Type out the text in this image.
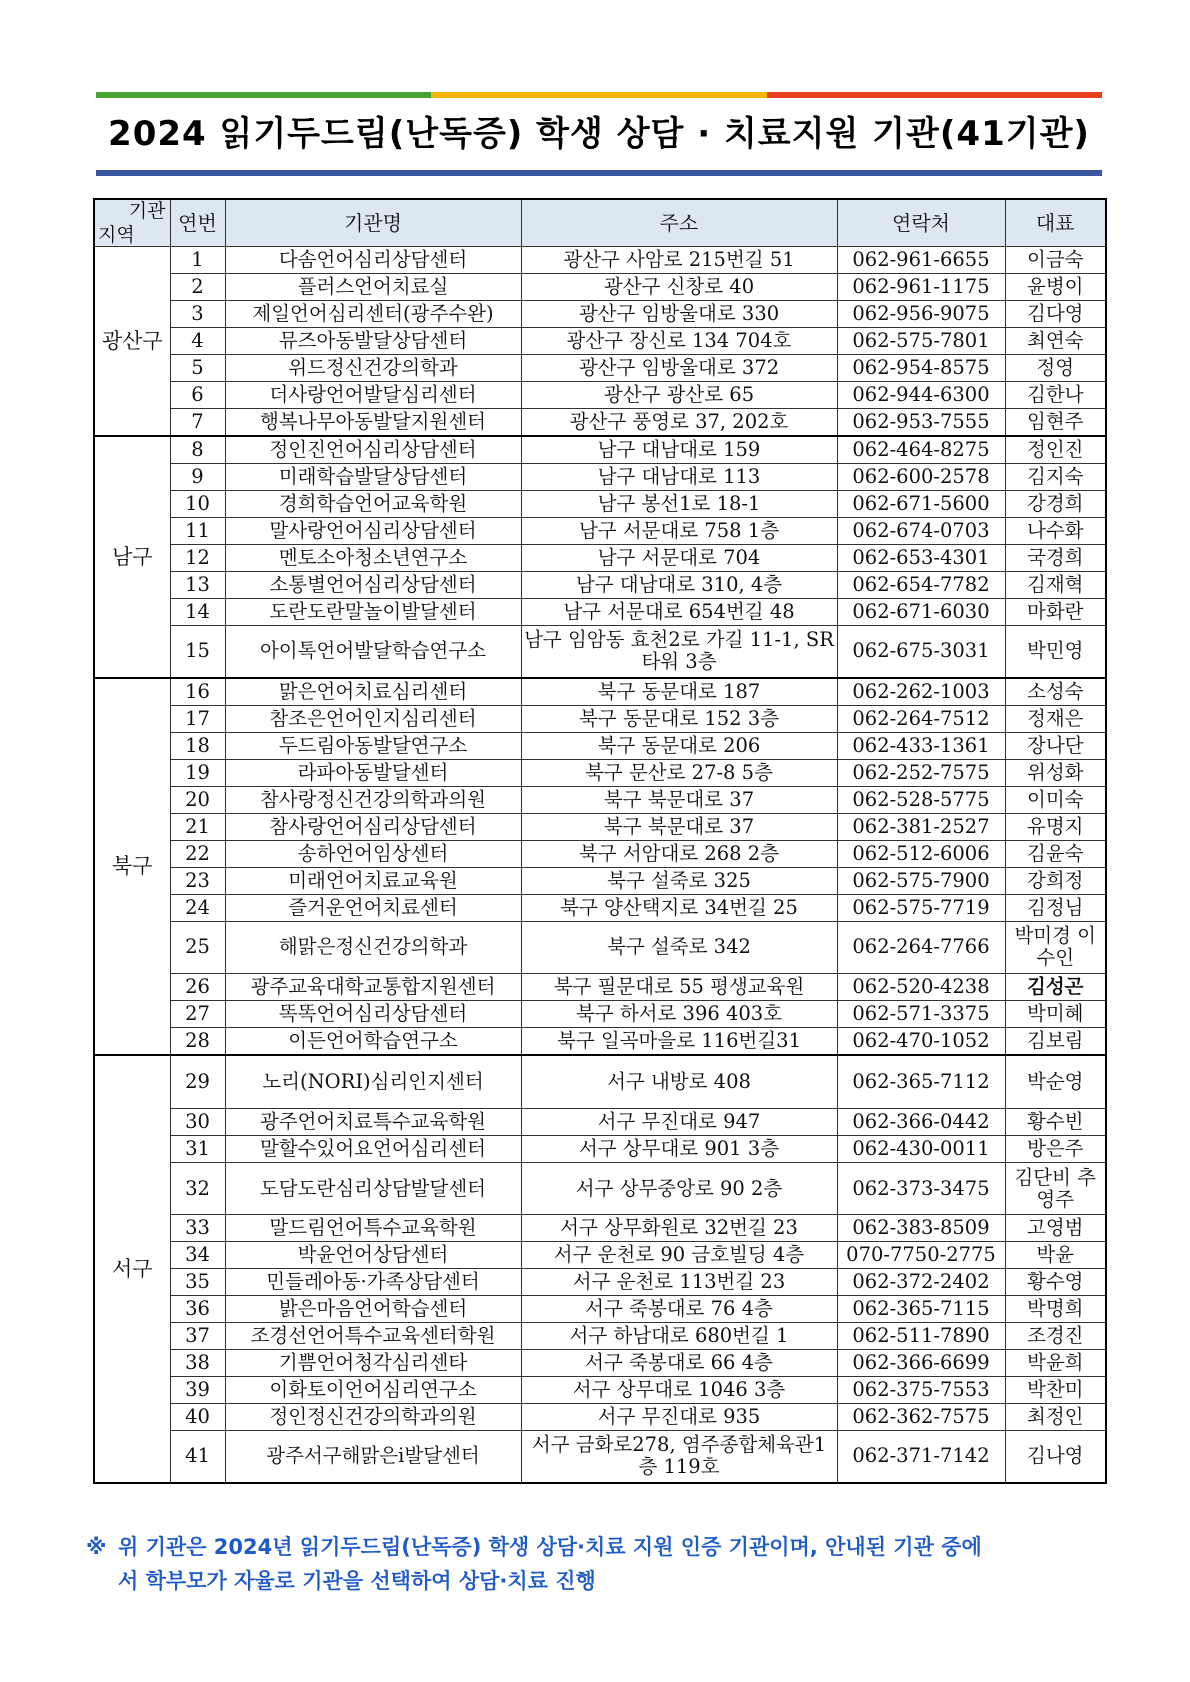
2024 읽기두드림(난독증) 학생 상담 · 치료지원 기관(41기관)
기관
지역	연번	기관명	주소	연락처	대표
광산구	1	다솜언어심리상담센터	광산구 사암로 215번길 51	062-961-6655	이금숙
	2	플러스언어치료실	광산구 신창로 40	062-961-1175	윤병이
	3	제일언어심리센터(광주수완)	광산구 임방울대로 330	062-956-9075	김다영
	4	뮤즈아동발달상담센터	광산구 장신로 134 704호	062-575-7801	최연숙
	5	위드정신건강의학과	광산구 임방울대로 372	062-954-8575	정영
	6	더사랑언어발달심리센터	광산구 광산로 65	062-944-6300	김한나
	7	행복나무아동발달지원센터	광산구 풍영로 37, 202호	062-953-7555	임현주
남구	8	정인진언어심리상담센터	남구 대남대로 159	062-464-8275	정인진
	9	미래학습발달상담센터	남구 대남대로 113	062-600-2578	김지숙
	10	경희학습언어교육학원	남구 봉선1로 18-1	062-671-5600	강경희
	11	말사랑언어심리상담센터	남구 서문대로 758 1층	062-674-0703	나수화
	12	멘토소아청소년연구소	남구 서문대로 704	062-653-4301	국경희
	13	소통별언어심리상담센터	남구 대남대로 310, 4층	062-654-7782	김재혁
	14	도란도란말놀이발달센터	남구 서문대로 654번길 48	062-671-6030	마화란
	15	아이톡언어발달학습연구소	남구 임암동 효천2로 가길 11-1, SR타워 3층	062-675-3031	박민영
북구	16	맑은언어치료심리센터	북구 동문대로 187	062-262-1003	소성숙
	17	참조은언어인지심리센터	북구 동문대로 152 3층	062-264-7512	정재은
	18	두드림아동발달연구소	북구 동문대로 206	062-433-1361	장나단
	19	라파아동발달센터	북구 문산로 27-8 5층	062-252-7575	위성화
	20	참사랑정신건강의학과의원	북구 북문대로 37	062-528-5775	이미숙
	21	참사랑언어심리상담센터	북구 북문대로 37	062-381-2527	유명지
	22	송하언어임상센터	북구 서암대로 268 2층	062-512-6006	김윤숙
	23	미래언어치료교육원	북구 설죽로 325	062-575-7900	강희정
	24	즐거운언어치료센터	북구 양산택지로 34번길 25	062-575-7719	김정님
	25	해맑은정신건강의학과	북구 설죽로 342	062-264-7766	박미경 이수인
	26	광주교육대학교통합지원센터	북구 필문대로 55 평생교육원	062-520-4238	김성곤
	27	똑똑언어심리상담센터	북구 하서로 396 403호	062-571-3375	박미혜
	28	이든언어학습연구소	북구 일곡마을로 116번길31	062-470-1052	김보림
서구	29	노리(NORI)심리인지센터	서구 내방로 408	062-365-7112	박순영
	30	광주언어치료특수교육학원	서구 무진대로 947	062-366-0442	황수빈
	31	말할수있어요언어심리센터	서구 상무대로 901 3층	062-430-0011	방은주
	32	도담도란심리상담발달센터	서구 상무중앙로 90 2층	062-373-3475	김단비 추영주
	33	말드림언어특수교육학원	서구 상무화원로 32번길 23	062-383-8509	고영범
	34	박윤언어상담센터	서구 운천로 90 금호빌딩 4층	070-7750-2775	박윤
	35	민들레아동·가족상담센터	서구 운천로 113번길 23	062-372-2402	황수영
	36	밝은마음언어학습센터	서구 죽봉대로 76 4층	062-365-7115	박명희
	37	조경선언어특수교육센터학원	서구 하남대로 680번길 1	062-511-7890	조경진
	38	기쁨언어청각심리센타	서구 죽봉대로 66 4층	062-366-6699	박윤희
	39	이화토이언어심리연구소	서구 상무대로 1046 3층	062-375-7553	박찬미
	40	정인정신건강의학과의원	서구 무진대로 935	062-362-7575	최정인
	41	광주서구해맑은i발달센터	서구 금화로278, 염주종합체육관1층 119호	062-371-7142	김나영
※ 위 기관은 2024년 읽기두드림(난독증) 학생 상담·치료 지원 인증 기관이며, 안내된 기관 중에
서 학부모가 자율로 기관을 선택하여 상담·치료 진행
